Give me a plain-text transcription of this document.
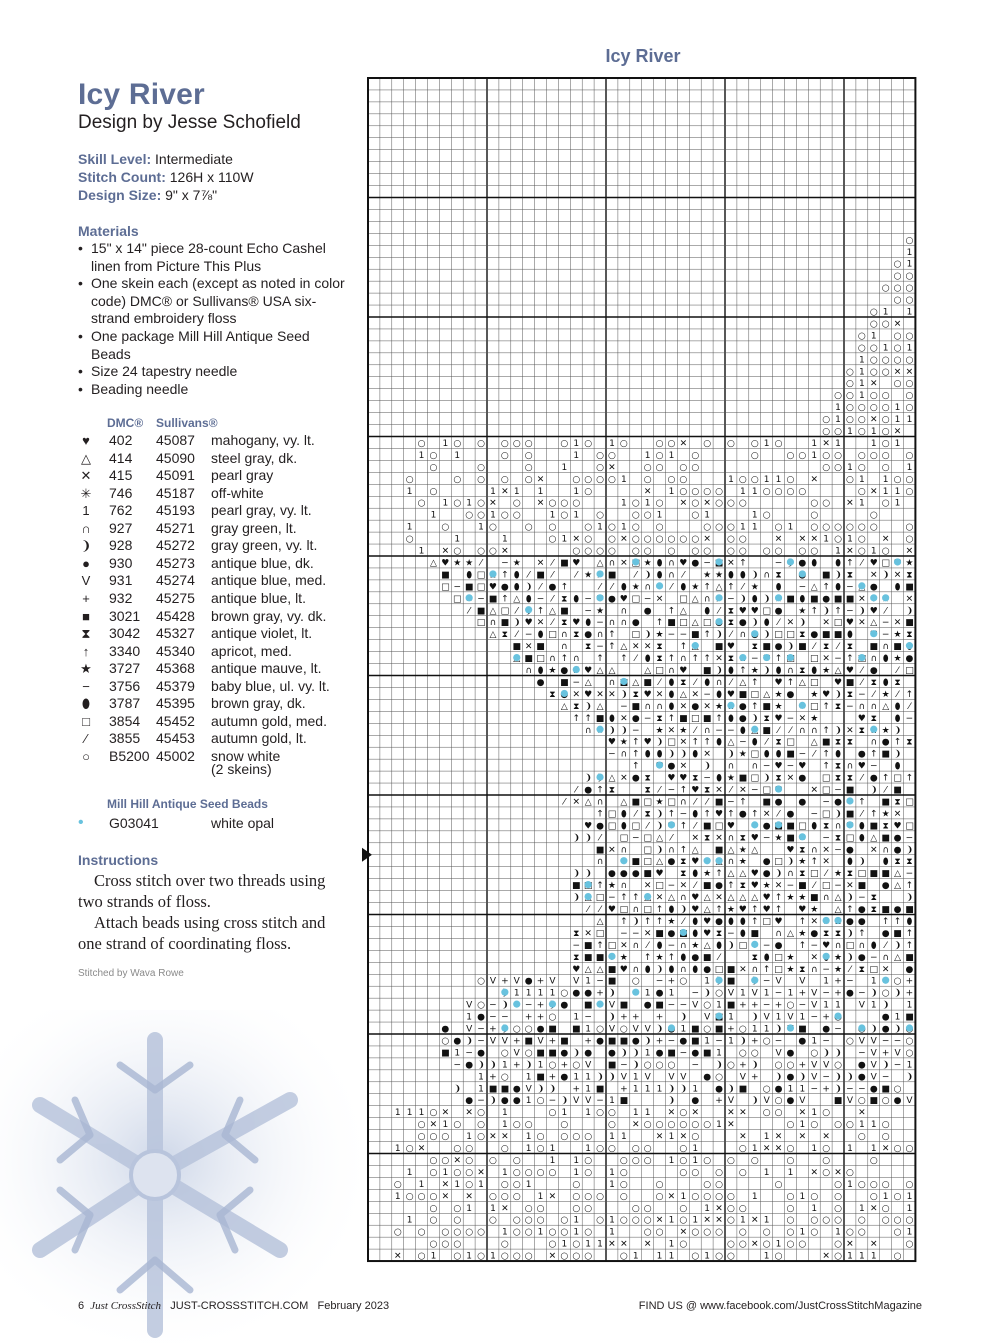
Icy River
Design by Jesse Schofield
Skill Level: Intermediate
Stitch Count: 126H x 110W
Design Size: 9" x 7⅞"
Materials
• 15" x 14" piece 28-count Echo Cashel linen from Picture This Plus
• One skein each (except as noted in color code) DMC® or Sullivans® USA six-strand embroidery floss
• One package Mill Hill Antique Seed Beads
• Size 24 tapestry needle
• Beading needle
DMC® Sullivans®
♥ 402 45087 mahogany, vy. lt.
△ 414 45090 steel gray, dk.
✕ 415 45091 pearl gray
✳ 746 45187 off-white
1	762 45193 pearl gray, vy. lt.
∩ 927 45271 gray green, lt.
❩ 928 45272 gray green, vy. lt.
● 930 45273 antique blue, dk.
V 931 45274 antique blue, med.
+	932 45275 antique blue, lt.
■ 3021 45428 brown gray, vy. dk.
⧗ 3042 45327 antique violet, lt.
↑	3340 45340 apricot, med.
★ 3727 45368 antique mauve, lt.
−	3756 45379 baby blue, ul. vy. lt.
⬮ 3787 45395 brown gray, dk.
□ 3854 45452 autumn gold, med.
⁄	3855 45453 autumn gold, lt.
○ B5200 45002 snow white
(2 skeins)
Mill Hill Antique Seed Beads
•	G03041	white opal
Instructions

Cross stitch over two threads using two strands of floss.

Attach beads using cross stitch and one strand of coordinating floss.

Stitched by Wava Rowe
Icy River
○
1
○ 1
○ ○
○ ○ ○
○ ○
○ 1 1
○ ○ ✕
○ 1 ○ ○
○ ○ 1 ○ 1
1 ○ ○ ○ ○
○ 1 ○ ○ ✕ ✕
○ 1 ✕ ○ ○
○ ○ 1 ○ ○ ○
1 ○ ○ ○ ○ 1 ○
○ 1 ○ ○ ✕ ○ 1 1
○ ○ 1 ○ 1 ○ ✕
○ 1 ○ ○ ○ ○ ○	○ 1 ○ 1 ○	○ ○ ✕ ○ ○ ○ 1 ○	1 ✕ 1	1 ○ 1
1 ○ 1	○ ○	1 ○ ○	1 ○ 1 ○	○	○ ○ 1 ○ ○ ○ ○ ○ ○
○	○	○	1	○ ✕	○ ○ ○ ○	○ ○ 1 ○ ○ 1
○	○ ○ ○ ○ ✕	○ ○ ○ ○ 1 ○ ○ ○	1 ○ ○ 1 1 ○ ✕	○ 1 1 ○ ○
1 ○	1 ✕ 1 1	1 ○	✕ 1 ○ ○ ○ ○ 1 1 ○ ○ ○ ○	○ ✕ 1 1 ○
○ 1 ○ 1 ○ ✕ ○ ✕ ○ ○ ○	1 ○ 1 ○ ✕ ○ ✕ ○ ○ ○	○ ○ ✕ 1 ○ 1
1	○ ○ 1 ○ ○	1 ○ 1 ○	○ ○ 1	○ 1	1 ○	○	○
1	○	1 ○	○ ○	○ 1 ○ 1 ○ ○	○ ○ ○ 1 1 ○ 1 ○ ○ ○ ○ ○ ○	○
○	1	1	○ 1 ✕ ○ ○ ✕ ○ ○ ○ ○ ○ ○ ✕ ○ ○	✕ ✕ ✕ 1 ○ 1 ○ ✕ ○
1 ✕ ○ ○ ○ ✕	○ ○ ○ ○ ○ ○ ○ ○ ○ ○ ○ ○ ○ ○ ○ 1 ✕ ○ 1 ○ ✕
△ ♥ ★ ★ ⁄ − ★ ✕ ⁄ ■ ♥ △ ∩ ✕ ★ ⬮ ∩ ♥ ● − ✕ ↑	− ● ⬮ ⬮ ↑ ⁄ ♥ □ ★
■ ⬮ □ ↑ ⬮ ⁄ ■ ⁄ ⁄ ★ ■ ⁄ ❩ ⬮ ∩ ⁄ ★ ★ ⬮ ⬮ ❩ ∩ ⧗	■ ❩ ⧗ ✕ ❩ ✕ ⧗
□ − ■ □ ♥ ● ⬮ ❩ ⁄ ● ↑	⁄ ⁄ ⬮ ★ ∩ ⁄ ⬮ ★ ↑ △ ↑ ⁄ ★ ⬮ − △ ↑ ⬮ − ● ⬮ ■
□ − ■ ↑ △ ⬮ − ⁄ ⧗ ⬮ − ● ♥ □ − ✕ □ △ ∩ − ❩ ⬮ ❩ ■ ⬮ ■ ● ■ ■ ✕	✕
⁄ ■ △ □ ⁄ ↑ △ ■ − ★ ∩ ● ↑ △ ⬮ ⁄ ⧗ ♥ ♥ □ ● ★ ↑ ❩ ↑ − ❩ ♥ ⁄ ❩
□ ∩ ■ ❩ ♥ ✕ ⁄ ⧗ ♥ ⬮ − ∩ ∩ ● ↑ ■ □ △ □ ⧗ ● ❩ ⬮ ⁄ ✕ ❩ ✕ □ ♥ ✕ △ − ✕ ■
△ ⧗ ⁄ − ⬮ □ ∩ ⧗ ● ∩ ↑ □ ❩ ★ − − ■ ↑ ❩ ⁄ ∩ ❩ □ □ ⧗ ● ■ ■ ⬮	− ★ ⧗
■ ✕ ■ ∩ ⧗ − ↑ △ ✕ ✕ ⧗ ↑	■ ♥ ⧗ ■ ● ❩ ■ ⁄ ⧗ ⁄ ⧗ ■ ∩ ■
■ □ ∩ ↑ ∩ ↑ ↑ ⁄ ⬮ ⧗ ↑ ∩ ↑ ↑ ✕ ⧗ − ↑	□ ✕ − ↑ ∩ ⬮ ★ ●
∩ ⬮ ★ ● ♥ △ △	△ □ ∩ ♥ ■ ❩ ⬮ ↑ ★ ❩ ⬮ ∩ ⧗ ⬮ ★ △ ♥ ⁄ ● ⁄ □
● ■ − △ ∩ △ ■ ⁄ ⬮ ⧗ ⁄ ⬮ ∩ ⁄ △ ↑ ♥ ↑ △ □ ♥ ■ ⁄ ⧗ ⬮ ⧗
⧗ ✕ ♥ ✕ ✕ ❩ ⧗ ♥ ✕ ⬮ △ ✕ − ⬮ ♥ ■ □ △ ★ ● ★ ♥ ❩ ⧗ − ⁄ ★ ⁄ ↑
△ ⧗ ❩ △ − ■ ∩ ∩ ⬮ ✕ ● ✕ ★ ● ↑ ■ ★	□ ↑ ⧗ − ∩ ∩ △ ⬮ ⁄
↑ ↑ ■ ⬮ ✕ ● − ⧗ ↑ ■ □ ■ ↑ ⬮ ● ❩ ⧗ ♥ − ✕ ★	♥ ⧗ ⬮ −
∩ ❩ ❩ − ★ ✕ ★ ⁄ ∩ − − ⬮ ■ ⁄ ⁄ ∩ ∩ ↑ ❩ ✕ ⧗ ★ ❩
♥ ★ ↑ ♥ ❩ □ ✕ ↑ ↑ ⬮ △ − ⬮ ⁄ ⧗ □ △ ■ ⧗ ⧗ ∩ ● ↑ ⧗
− ∩ ↑ ⬮ ⬮ ❩ ❩ ⬮ ✕ ❩ ★ □ ⬮ ⬮ ■ − ⁄ ↑ ⬮ ● ↑ ■ ❩
↑	● ✕ ❩ ∩ ∩ − ♥ − ♥ ↑ ⧗ ∩ ♥ − ⬮
❩ △ ✕ ● ⧗ ♥ ♥ ⧗ − ⬮ ★ ■ □ ❩ ⧗ ✕ ● □ ⧗ ⧗ ⁄ ● ↑ □ ↑
⁄ ● ↑ ⧗	⧗ ⁄ − ↑ ♥ ⧗ ✕ ⁄ ✕ − □	✕ □ − ■ ❩ ⁄ ■
⁄ ✕ △ ∩ △ ■ □ ★ □ ∩ ⁄ ⁄ ■ − ↑ ■ ● ● − ● ↑ ■ ⧗ □
↑ □ ⬮ ⁄ ⧗ ❩ ↑ − ⬮ ↑ ♥ ↑ ● ↑ ✕ ⁄ ● − □ ❩ ■ ⁄ ↑ ★ ✕
♥ ● □ ⬮ □ ⁄ ❩ ↑ ⁄ ■ □ ♥	● ■ □ ⬮ ⧗ ∩ ⬮ ■ ⧗ ♥ □
❩ ❩ ⁄ □ − □ △ ⁄ ✕ ⧗ ✕ ∩ ⧗ ♥ − ★ ■	− ⧗ □ ⬮ △ ■ ● −
■ ✕ ∩ □ ❩ ∩ ↑ △ ■ △ ★ △	♥ ⧗ ∩ ✕ − ● ✕ ∩ ● ❩
∩	■ □ △ ● ⧗ ♥	∩ ★ ● □ ❩ ★ ↑ ✕ ⬮ ❩ ⬮ ⧗ ⧗
❩ ❩ ● ● ● ■ ♥ ⧗ ⬮ ★ ↑ △ △ ♥ ● ❩ ∩ ⧗ □ ⁄ ★ ⧗ □ ■ ■ △ −
■ ↑ ★ ∩ ✕ □ − ✕ ⁄ ■ ● ↑ ⧗ ♥ ★ ✕ − ■ ⁄ □ − ✕ ■ ● △ ↑
❩ □ − ↑ ↑ ✕ △ ∩ ♥ △ ✕ △ △ △ ♥ ↑ ★ ★ ■ ∩ △ ❩ − ⧗	❩
⁄ ⁄ ♥ □ ∩ □ ↑ ⬮ ❩ ♥ △ ↑ ★ ♥ ↑ ♥ ↑ ♥ ★ △ ↑ ● ⧗ ■ ● ■
△ ↑ ❩ ↑ ↑ ★ ⁄ ⬮ ♥ ● ⬮ ⬮ ↑ □ ♥ ↑ ✕	● ● ↑ ↑ ⬮
⧗ ✕ □ − − ✕ ■ ● ⬮ ♥ ⧗ − ⬮ ■ ∩ △ ★ ● ⧗ ⧗ ❩ ↑ ● ■ ↑
− ■ ↑ □ ✕ ∩ ⁄ ⬮ − ∩ ★ △ ⬮ ❩ □ − ● ↑ − ♥ ∩ □ ∩ ⬮ ⁄ ❩ ↑
⧗ ■ ■ ★ ↑ ★ ↑ ⬮ ● ■ ⁄	⧗ ⬮ □ ★ ✕ ★ ❩ ● − ∩ △ ■
♥ △ △ ■ ♥ ∩ ⬮ ❩ ⬮ ∩ ⬮ ● □ ■ ✕ ∩ ↑ □ ★ ⧗ ∩ − ★ ⁄ ⧗ □ ✕ ●
○ V + V ● + V V 1 − ■ ○ − + ○ 1 ■	− V V 1 + − 1 ○ +
1 1 1 1 ○ ● ● + ❩	1 ● 1 − ❩ ○ V 1 V 1 − 1 + V − + ● − ❩ ○ ❩ +
V ○ − ❩ − + ● ■ V ■ ● ■ − − V ○ 1 ■ + + − + ○ − V 1 1 V 1 ❩ 1
1 ● − − + + ○ 1 − ❩ + + + ❩ V 1 ❩ V 1 V 1 − +	● 1 ■
● V − + ○ ○ ● ■ ■ 1 ○ V ○ V V ❩ 1 ■ ○ ■ + ○ 1 1 ❩ ■ ● −	❩ ● ❩
○ ● ❩ − V V + ■ V + ■ + ● ■ ■ ● ❩ + − ● ■ 1 − 1 ❩ + ○ − ● 1 − ○ V V − − ○
■ 1 − ● ○ V ○ ■ ■ ● ❩ ● ● ❩ ❩ 1 ● ■ − ● ■ 1 ○ ○ V ● ○ ❩ ❩ − V + V ○
− ● ❩ ❩ 1 + ❩ 1 ○ + ○ V ■ − ❩ ○ ○ ○ − ❩ ○ + ❩ ○ ○ + V V ○ ● V ❩ − 1
1 + ○ 1 ■ + ● 1 1 ❩ ❩ V 1 V V V ● ○ V + ❩ ● ❩ V − ❩ ❩ ● V − ❩
❩ 1 ■ ■ ● V ❩ ❩ + 1 ■ + 1 1 1 ❩ ❩ 1 ● ❩ ■ ○ ● 1 1 − + ❩ − − ● ■ ○
● − ❩ ● ● 1 ○ − ❩ V V − 1 ■	❩ ● + V ❩ V ○ ● V	■ V ○ ■ ○ ● V
1 1 1 ○ ✕ ✕ ○ 1	○ 1 1 ○ ○ 1 1 ✕ ○ ✕	✕ ✕ ○ ○ ✕ 1 ○	✕
○ ✕ 1 ○ ○ 1 ○ ○	○	○ ✕ ○ ○ ○ ○ ○ ○ 1 ✕	○ 1 ○ ○ ○ 1 1 ○
○ ○ ○ 1 ○ ✕ ✕ 1 ○ ○ ○ ○ 1 1	✕ 1 ✕ ○	✕ 1 ✕ ✕ ✕	○ ○
1 ○ ✕	○ ○	○ 1 ○ 1	1 ○ ○ ○ ○	○ 1	○ 1 ✕ ✕ ○ 1 ○ 1 1 ✕ ○ ○
○ ○ ✕ ○ ○ ○	1 1 ○	○ ○ ○ 1 ○ 1 ○ ○ ○	○	○	○
1 ○ 1 ○ ○ ✕ 1 ○ ○ ○ ○ 1 ○ 1 ○	○ ○ ○ ○ 1 1 ✕ ○ ✕ ○
○ 1 ✕ 1 ○ 1 ○ ○ 1	○	1 ○	○	○ ○	○	○ 1 ○ ○ ○ ○
1 ○ ○ ○ ✕ ✕ ○ ○ ○ 1 ✕ ○ ○ ○ ○	○ ✕ 1 ○ ○ ○ ○ 1	○ 1 ○ ○	○ 1 ○ 1
○ ○ 1 1 ✕ ○ ○	○ ○	○ ○	○ 1 ✕ ○ ○	○ 1 ○ 1 ✕ ○ 1
1 ○ ○	○ ○ ○ ○ ○ 1 ○ 1 ○ ○ ○ ✕ 1 ○ 1 ✕ ✕ ○ 1 ✕ 1 ○ ○ ○ ○ ○ ○ ○ ○
○ ○ ○ ○ ○ ○ 1 ○ ○ 1 ○ ○ 1 ○ 1	○ ○ ✕ ○ ○ ○ ○ ○ ○ 1 ○ 1 ○ ○	○ 1
○ ○ ○	○	○ 1 ○ 1 1 ✕ ✕ ✕ 1 ○	○ ○ ✕ ○ 1 ○ ○	○ ✕ ✕	○
✕ ○ 1 ○ 1 ○ 1 ○ ○ ○ ✕ ○ ○ ○	○ 1 1 1 ○ 1 ○ ○	1 ○	✕ ○ 1 1 1 ○
6 Just CrossStitch JUST-CROSSSTITCH.COM February 2023	FIND US @ www.facebook.com/JustCrossStitchMagazine
